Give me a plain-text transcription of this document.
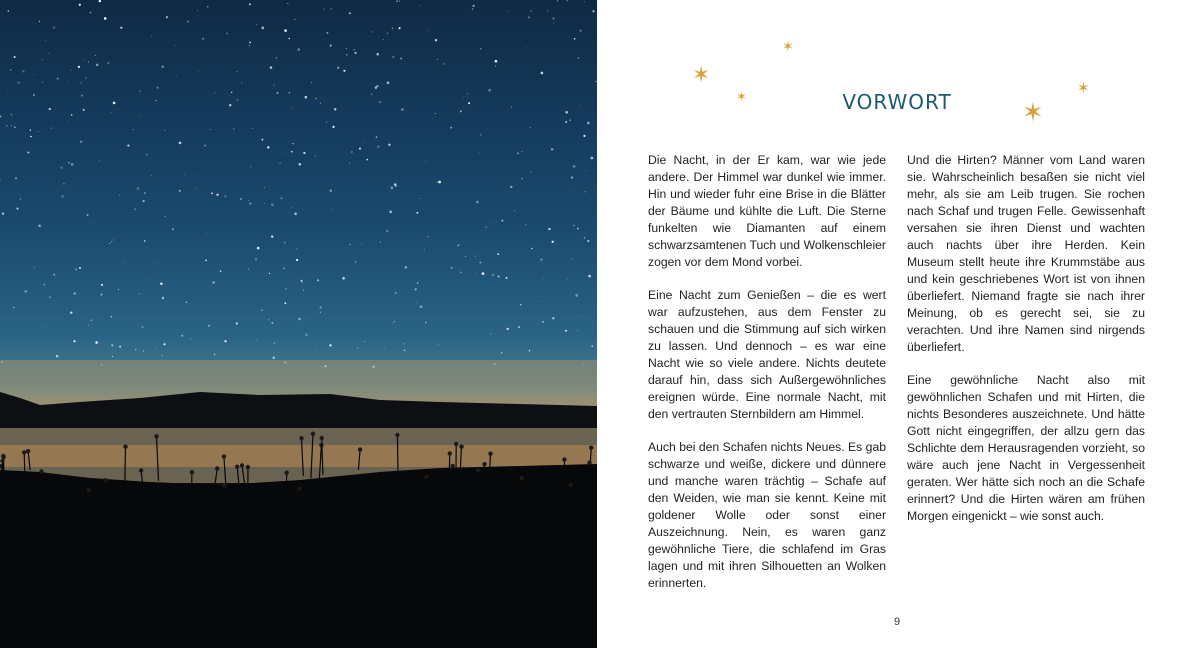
✶
✶
✶
✶
✶
VORWORT

Die Nacht, in der Er kam, war wie jede andere. Der Himmel war dunkel wie immer. Hin und wieder fuhr eine Brise in die Blätter der Bäume und kühlte die Luft. Die Sterne funkelten wie Diamanten auf einem schwarzsamtenen Tuch und Wolkenschleier zogen vor dem Mond vorbei.

Eine Nacht zum Genießen – die es wert war aufzustehen, aus dem Fenster zu schauen und die Stimmung auf sich wirken zu lassen. Und dennoch – es war eine Nacht wie so viele andere. Nichts deutete darauf hin, dass sich Außergewöhnliches ereignen würde. Eine normale Nacht, mit den vertrauten Sternbildern am Himmel.

Auch bei den Schafen nichts Neues. Es gab schwarze und weiße, dickere und dünnere und manche waren trächtig – Schafe auf den Weiden, wie man sie kennt. Keine mit goldener Wolle oder sonst einer Auszeichnung. Nein, es waren ganz gewöhnliche Tiere, die schlafend im Gras lagen und mit ihren Silhouetten an Wolken erinnerten.

Und die Hirten? Männer vom Land waren sie. Wahrscheinlich besaßen sie nicht viel mehr, als sie am Leib trugen. Sie rochen nach Schaf und trugen Felle. Gewissenhaft versahen sie ihren Dienst und wachten auch nachts über ihre Herden. Kein Museum stellt heute ihre Krummstäbe aus und kein geschriebenes Wort ist von ihnen überliefert. Niemand fragte sie nach ihrer Meinung, ob es gerecht sei, sie zu verachten. Und ihre Namen sind nirgends überliefert.

Eine gewöhnliche Nacht also mit gewöhnlichen Schafen und mit Hirten, die nichts Besonderes auszeichnete. Und hätte Gott nicht eingegriffen, der allzu gern das Schlichte dem Herausragenden vorzieht, so wäre auch jene Nacht in Vergessenheit geraten. Wer hätte sich noch an die Schafe erinnert? Und die Hirten wären am frühen Morgen eingenickt – wie sonst auch.

9
